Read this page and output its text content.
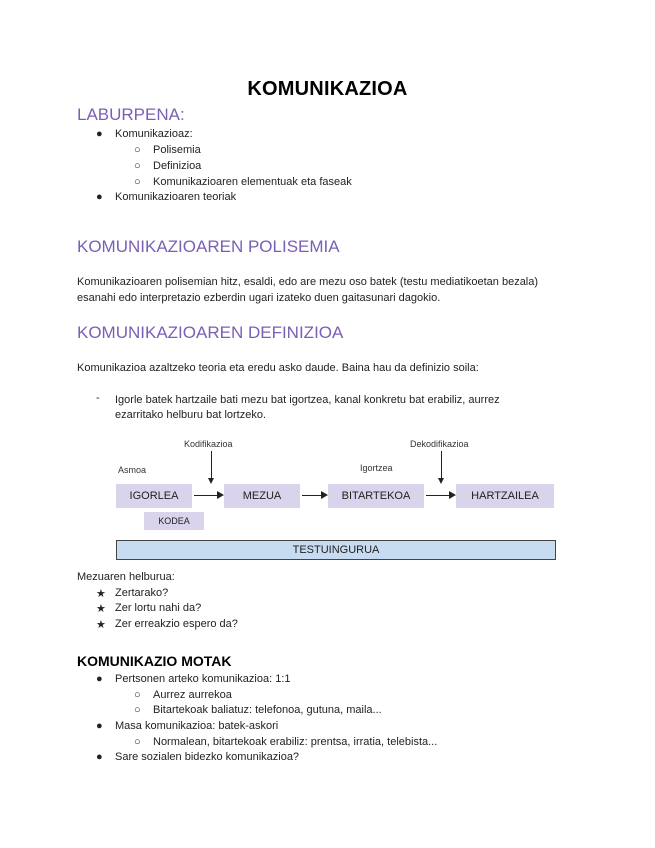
KOMUNIKAZIOA
LABURPENA:
● Komunikazioaz:
○ Polisemia
○ Definizioa
○ Komunikazioaren elementuak eta faseak
● Komunikazioaren teoriak
KOMUNIKAZIOAREN POLISEMIA

Komunikazioaren polisemian hitz, esaldi, edo are mezu oso batek (testu mediatikoetan bezala)

esanahi edo interpretazio ezberdin ugari izateko duen gaitasunari dagokio.

KOMUNIKAZIOAREN DEFINIZIOA

Komunikazioa azaltzeko teoria eta eredu asko daude. Baina hau da definizio soila:

- Igorle batek hartzaile bati mezu bat igortzea, kanal konkretu bat erabiliz, aurrez

ezarritako helburu bat lortzeko.

Kodifikazioa	Dekodifikazioa
Asmoa	Igortzea
IGORLEA	MEZUA	BITARTEKOA	HARTZAILEA
KODEA
TESTUINGURUA
Mezuaren helburua:
★ Zertarako?
★ Zer lortu nahi da?
★ Zer erreakzio espero da?
KOMUNIKAZIO MOTAK
● Pertsonen arteko komunikazioa: 1:1
○ Aurrez aurrekoa
○ Bitartekoak baliatuz: telefonoa, gutuna, maila...
● Masa komunikazioa: batek-askori
○ Normalean, bitartekoak erabiliz: prentsa, irratia, telebista...
● Sare sozialen bidezko komunikazioa?
